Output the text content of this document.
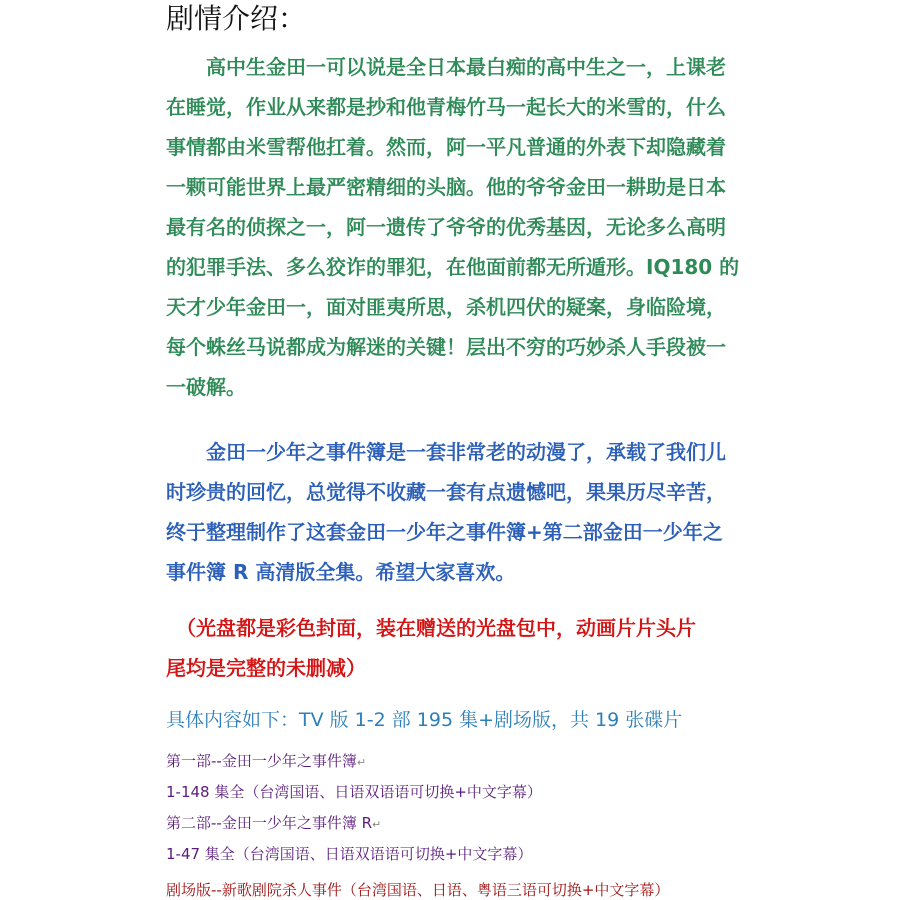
剧情介绍：
　　高中生金田一可以说是全日本最白痴的高中生之一，上课老
在睡觉，作业从来都是抄和他青梅竹马一起长大的米雪的，什么
事情都由米雪帮他扛着。然而，阿一平凡普通的外表下却隐藏着
一颗可能世界上最严密精细的头脑。他的爷爷金田一耕助是日本
最有名的侦探之一，阿一遗传了爷爷的优秀基因，无论多么高明
的犯罪手法、多么狡诈的罪犯，在他面前都无所遁形。IQ180 的
天才少年金田一，面对匪夷所思，杀机四伏的疑案，身临险境，
每个蛛丝马说都成为解迷的关键！层出不穷的巧妙杀人手段被一
一破解。
　　金田一少年之事件簿是一套非常老的动漫了，承载了我们儿
时珍贵的回忆，总觉得不收藏一套有点遗憾吧，果果历尽辛苦，
终于整理制作了这套金田一少年之事件簿+第二部金田一少年之
事件簿 R 高清版全集。希望大家喜欢。
　（光盘都是彩色封面，装在赠送的光盘包中，动画片片头片
尾均是完整的未删减）
具体内容如下：TV 版 1-2 部 195 集+剧场版，共 19 张碟片
第一部--金田一少年之事件簿↵
1-148 集全（台湾国语、日语双语语可切换+中文字幕）
第二部--金田一少年之事件簿 R↵
1-47 集全（台湾国语、日语双语语可切换+中文字幕）
剧场版--新歌剧院杀人事件（台湾国语、日语、粤语三语可切换+中文字幕）
